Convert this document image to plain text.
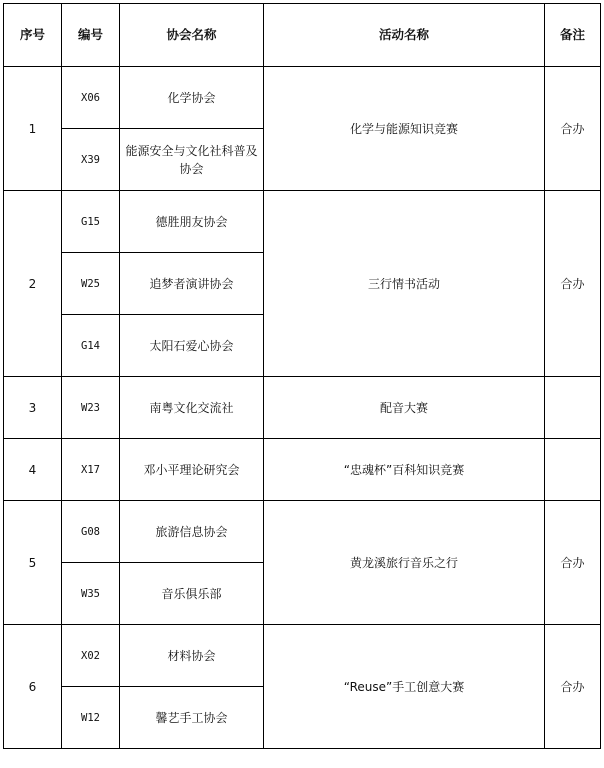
序号	编号	协会名称	活动名称	备注
1	X06	化学协会	化学与能源知识竞赛	合办
	X39	能源安全与文化社科普及协会		
2	G15	德胜朋友协会	三行情书活动	合办
	W25	追梦者演讲协会		
	G14	太阳石爱心协会		
3	W23	南粤文化交流社	配音大赛	
4	X17	邓小平理论研究会	“忠魂杯”百科知识竞赛	
5	G08	旅游信息协会	黄龙溪旅行音乐之行	合办
	W35	音乐俱乐部		
6	X02	材料协会	“Reuse”手工创意大赛	合办
	W12	馨艺手工协会		
